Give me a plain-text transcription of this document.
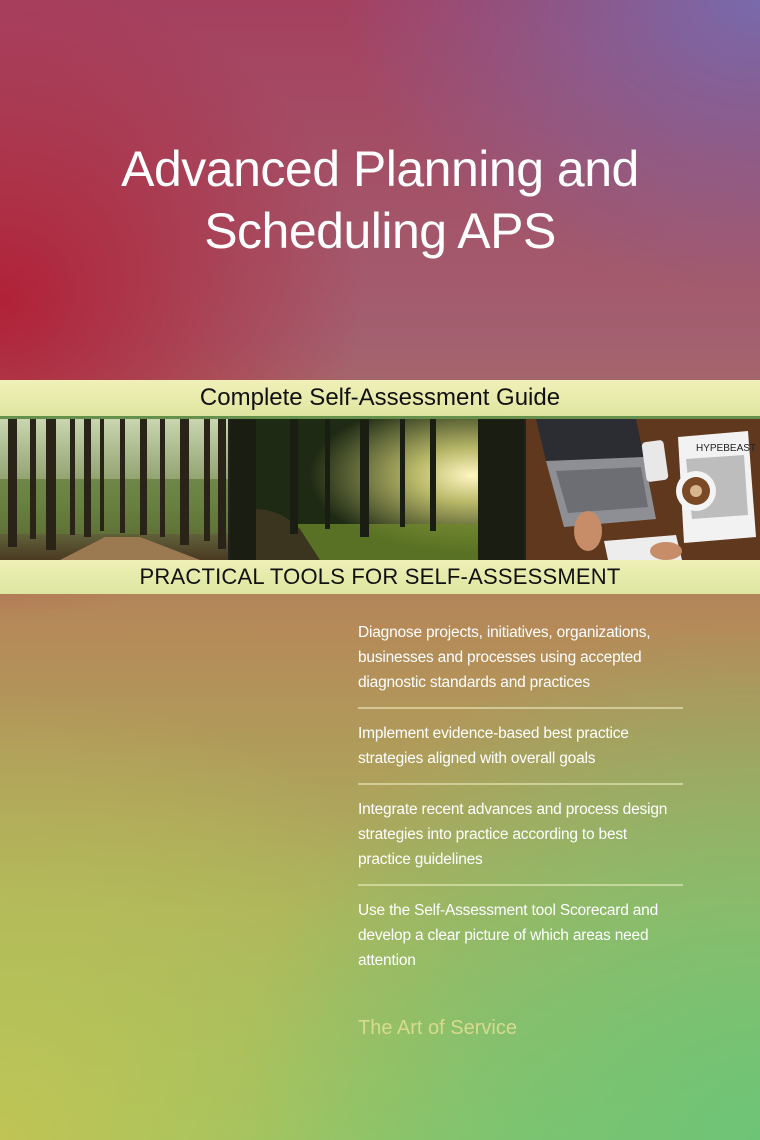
Advanced Planning and
Scheduling APS
Complete Self-Assessment Guide
HYPEBEAST
PRACTICAL TOOLS FOR SELF-ASSESSMENT
Diagnose projects, initiatives, organizations, businesses and processes using accepted diagnostic standards and practices
Implement evidence-based best practice strategies aligned with overall goals
Integrate recent advances and process design strategies into practice according to best practice guidelines
Use the Self-Assessment tool Scorecard and develop a clear picture of which areas need attention
The Art of Service
